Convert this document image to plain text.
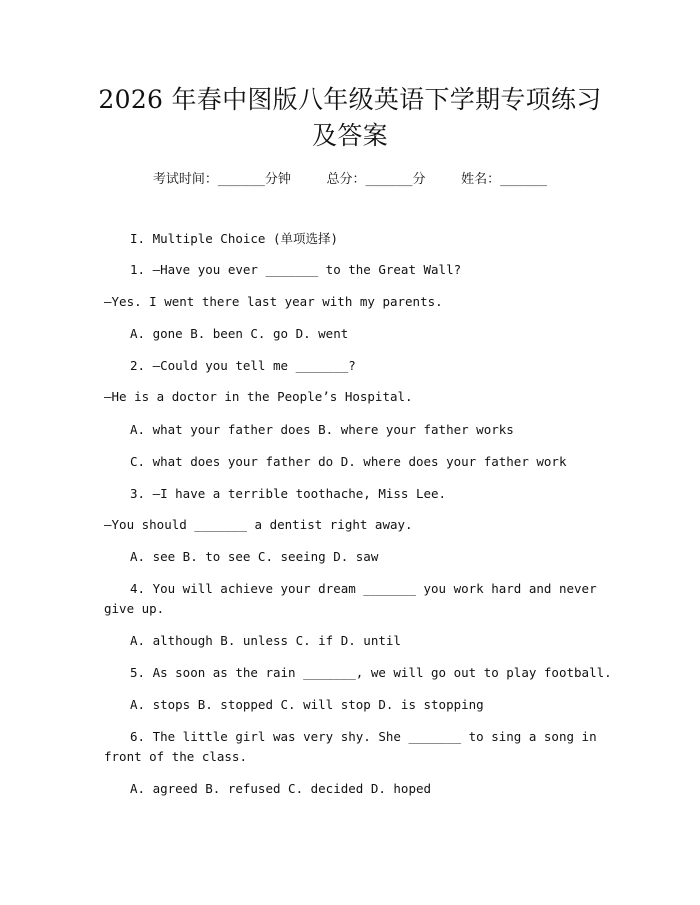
2026 年春中图版八年级英语下学期专项练习
及答案
考试时间：______分钟	总分：______分	姓名：______
I. Multiple Choice (单项选择)
1. —Have you ever _______ to the Great Wall?
—Yes. I went there last year with my parents.
A. gone B. been C. go D. went
2. —Could you tell me _______?
—He is a doctor in the People’s Hospital.
A. what your father does B. where your father works
C. what does your father do D. where does your father work
3. —I have a terrible toothache, Miss Lee.
—You should _______ a dentist right away.
A. see B. to see C. seeing D. saw
4. You will achieve your dream _______ you work hard and never give up.
A. although B. unless C. if D. until
5. As soon as the rain _______, we will go out to play football.
A. stops B. stopped C. will stop D. is stopping
6. The little girl was very shy. She _______ to sing a song in front of the class.
A. agreed B. refused C. decided D. hoped
